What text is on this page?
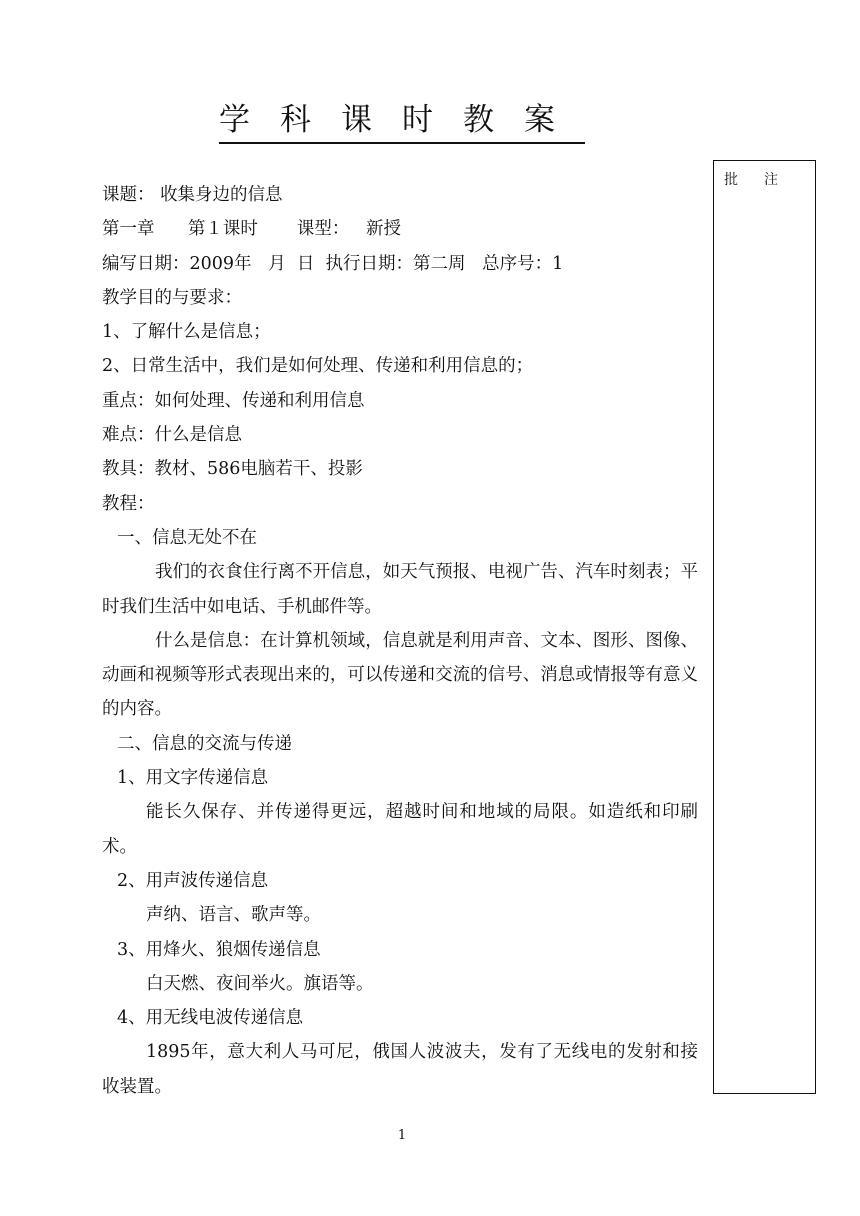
学科课时教案
批 注

课题： 收集身边的信息

第一章      第１课时       课型：   新授

编写日期：2009年   月  日  执行日期：第二周   总序号：1

教学目的与要求：

1、了解什么是信息；

2、日常生活中，我们是如何处理、传递和利用信息的；

重点：如何处理、传递和利用信息

难点：什么是信息

教具：教材、586电脑若干、投影

教程：

一、信息无处不在

我们的衣食住行离不开信息，如天气预报、电视广告、汽车时刻表；平时我们生活中如电话、手机邮件等。

什么是信息：在计算机领域，信息就是利用声音、文本、图形、图像、动画和视频等形式表现出来的，可以传递和交流的信号、消息或情报等有意义的内容。

二、信息的交流与传递

1、用文字传递信息

能长久保存、并传递得更远，超越时间和地域的局限。如造纸和印刷术。

2、用声波传递信息

声纳、语言、歌声等。

3、用烽火、狼烟传递信息

白天燃、夜间举火。旗语等。

4、用无线电波传递信息

1895年，意大利人马可尼，俄国人波波夫，发有了无线电的发射和接收装置。

1
